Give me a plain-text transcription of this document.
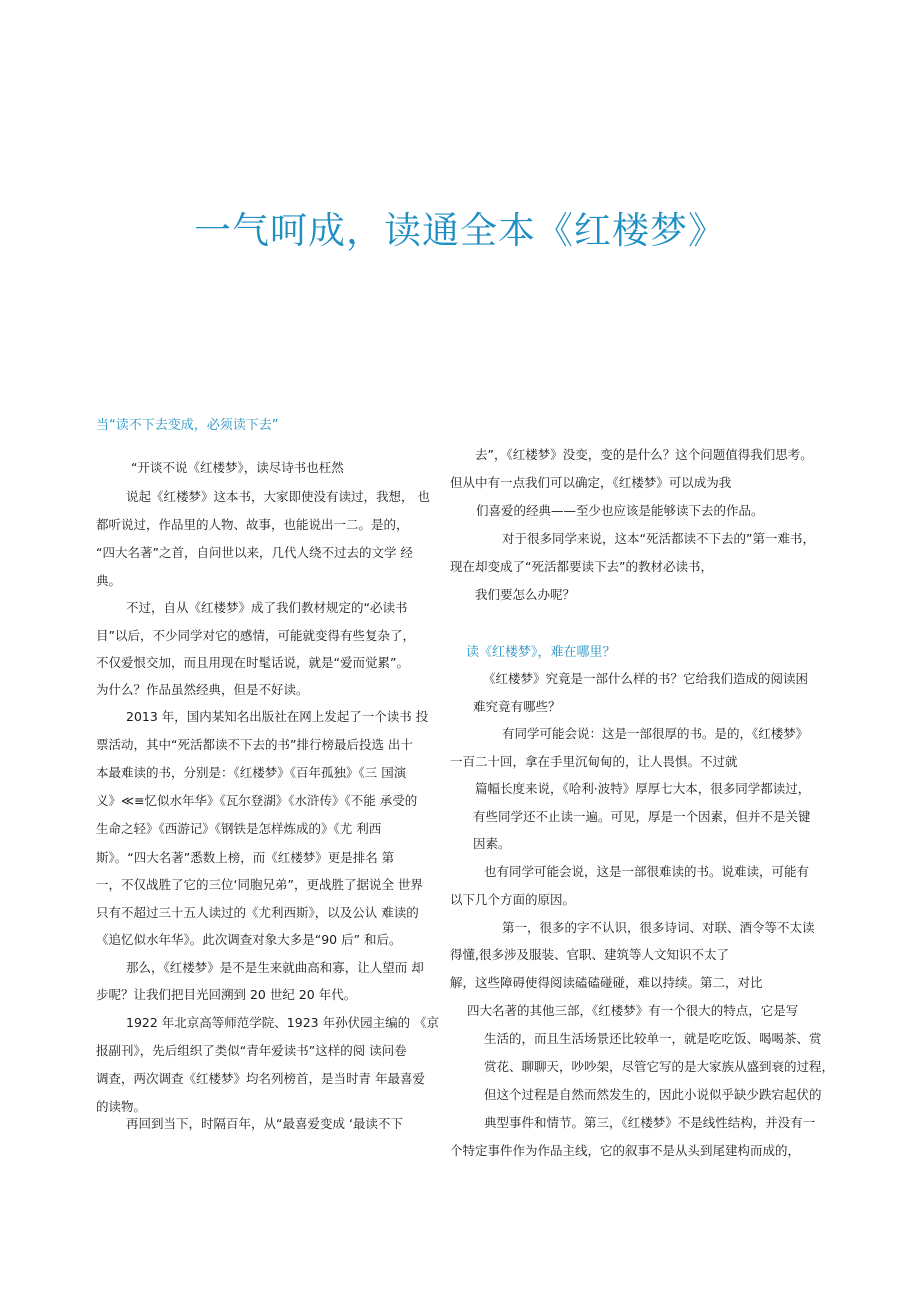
一气呵成，读通全本《红楼梦》
当“读不下去变成，必须读下去”

“开谈不说《红楼梦》，读尽诗书也枉然

说起《红楼梦》这本书，大家即使没有读过，我想， 也

都听说过，作品里的人物、故事，也能说出一二。是的，

“四大名著”之首，自问世以来，几代人绕不过去的文学 经

典。

不过，自从《红楼梦》成了我们教材规定的“必读书

目”以后，不少同学对它的感情，可能就变得有些复杂了，

不仅爱恨交加，而且用现在时髦话说，就是“爱而觉累”。

为什么？作品虽然经典，但是不好读。

2013 年，国内某知名出版社在网上发起了一个读书 投

票活动，其中“死活都读不下去的书”排行榜最后投选 出十

本最难读的书，分别是：《红楼梦》《百年孤独》《三 国演

义》≪≡忆似水年华》《瓦尔登湖》《水浒传》《不能 承受的

生命之轻》《西游记》《钢铁是怎样炼成的》《尤 利西

斯》。“四大名著”悉数上榜，而《红楼梦》更是排名 第

一，不仅战胜了它的三位‘同胞兄弟”，更战胜了据说全 世界

只有不超过三十五人读过的《尤利西斯》，以及公认 难读的

《追忆似水年华》。此次调查对象大多是“90 后” 和后。

那么，《红楼梦》是不是生来就曲高和寡，让人望而 却

步呢？让我们把目光回溯到 20 世纪 20 年代。

1922 年北京高等师范学院、1923 年孙伏园主编的 《京

报副刊》，先后组织了类似“青年爱读书”这样的阅 读问卷

调查，两次调查《红楼梦》均名列榜首，是当时青 年最喜爱

的读物。

再回到当下，时隔百年，从“最喜爱变成 ‘最读不下

去”，《红楼梦》没变，变的是什么？这个问题值得我们思考。

但从中有一点我们可以确定，《红楼梦》可以成为我

们喜爱的经典——至少也应该是能够读下去的作品。

对于很多同学来说，这本“死活都读不下去的”第一难书，

现在却变成了“死活都要读下去”的教材必读书，

我们要怎么办呢？

《红楼梦》究竟是一部什么样的书？它给我们造成的阅读困

难究竟有哪些？

有同学可能会说：这是一部很厚的书。是的，《红楼梦》

一百二十回，拿在手里沉甸甸的，让人畏惧。不过就

篇幅长度来说，《哈利·波特》厚厚七大本，很多同学都读过，

有些同学还不止读一遍。可见，厚是一个因素，但并不是关键

因素。

也有同学可能会说，这是一部很难读的书。说难读，可能有

以下几个方面的原因。

第一，很多的字不认识，很多诗词、对联、酒令等不太读

得懂,很多涉及服装、官职、建筑等人文知识不太了

解，这些障碍使得阅读磕磕碰碰，难以持续。第二，对比

四大名著的其他三部，《红楼梦》有一个很大的特点，它是写

生活的，而且生活场景还比较单一，就是吃吃饭、喝喝茶、赏

赏花、聊聊天，吵吵架，尽管它写的是大家族从盛到衰的过程，

但这个过程是自然而然发生的，因此小说似乎缺少跌宕起伏的

典型事件和情节。第三，《红楼梦》不是线性结构，并没有一

个特定事件作为作品主线，它的叙事不是从头到尾建构而成的，

读《红楼梦》，难在哪里？
